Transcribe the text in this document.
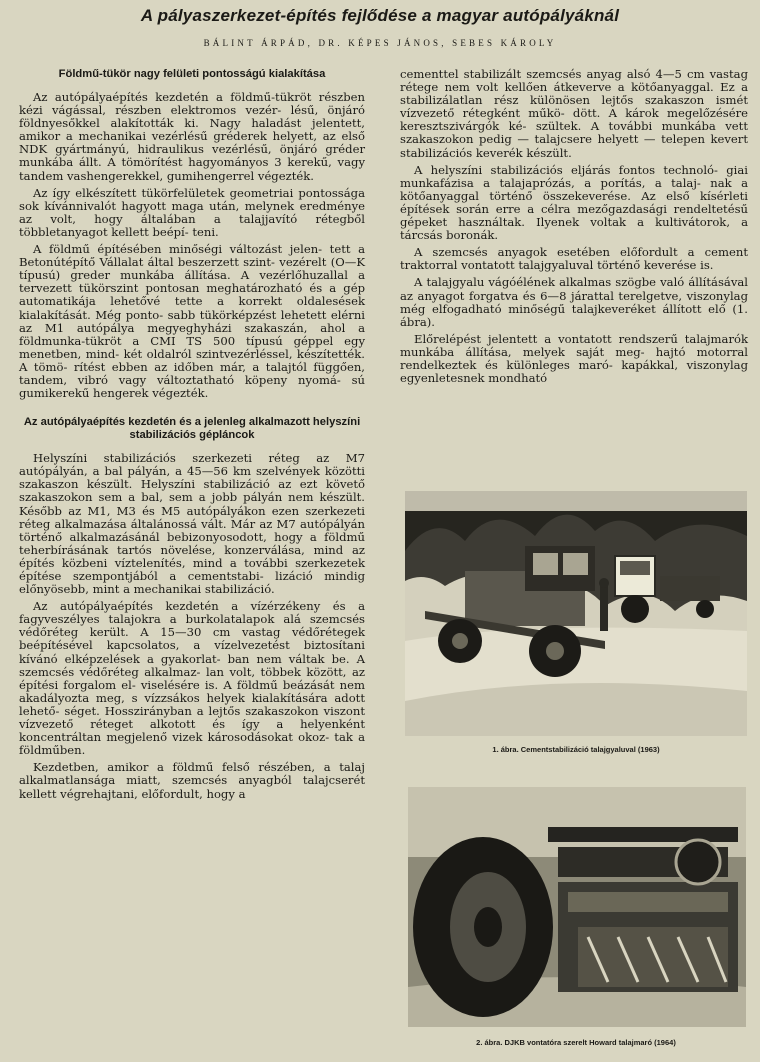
A pályaszerkezet-építés fejlődése a magyar autópályáknál
BÁLINT ÁRPÁD, DR. KÉPES JÁNOS, SEBES KÁROLY
Földmű-tükör nagy felületi pontosságú kialakítása

Az autópályaépítés kezdetén a földmű-tükröt részben kézi vágással, részben elektromos vezér- lésű, önjáró földnyesőkkel alakították ki. Nagy haladást jelentett, amikor a mechanikai vezérlésű gréderek helyett, az első NDK gyártmányú, hidraulikus vezérlésű, önjáró gréder munkába állt. A tömörítést hagyományos 3 kerekű, vagy tandem vashengerekkel, gumihengerrel végezték.

Az így elkészített tükörfelületek geometriai pontossága sok kívánnivalót hagyott maga után, melynek eredménye az volt, hogy általában a talajjavító rétegből többletanyagot kellett beépí- teni.

A földmű építésében minőségi változást jelen- tett a Betonútépítő Vállalat által beszerzett szint- vezérelt (O—K típusú) greder munkába állítása. A vezérlőhuzallal a tervezett tükörszint pontosan meghatározható és a gép automatikája lehetővé tette a korrekt oldalesések kialakítását. Még ponto- sabb tükörképzést lehetett elérni az M1 autópálya megyeghyházi szakaszán, ahol a földmunka-tükröt a CMI TS 500 típusú géppel egy menetben, mind- két oldalról szintvezérléssel, készítették. A tömö- rítést ebben az időben már, a talajtól függően, tandem, vibró vagy változtatható köpeny nyomá- sú gumikerekű hengerek végezték.

Az autópályaépítés kezdetén és a jelenleg alkalmazott helyszíni stabilizációs gépláncok

Helyszíni stabilizációs szerkezeti réteg az M7 autópályán, a bal pályán, a 45—56 km szelvények közötti szakaszon készült. Helyszíni stabilizáció az ezt követő szakaszokon sem a bal, sem a jobb pályán nem készült. Később az M1, M3 és M5 autópályákon ezen szerkezeti réteg alkalmazása általánossá vált. Már az M7 autópályán történő alkalmazásánál bebizonyosodott, hogy a földmű teherbírásának tartós növelése, konzerválása, mind az építés közbeni víztelenítés, mind a további szerkezetek építése szempontjából a cementstabi- lizáció mindig előnyösebb, mint a mechanikai stabilizáció.

Az autópályaépítés kezdetén a vízérzékeny és a fagyveszélyes talajokra a burkolatalapok alá szemcsés védőréteg került. A 15—30 cm vastag védőrétegek beépítésével kapcsolatos, a vízelvezetést biztosítani kívánó elképzelések a gyakorlat- ban nem váltak be. A szemcsés védőréteg alkalmaz- lan volt, többek között, az építési forgalom el- viselésére is. A földmű beázását nem akadályozta meg, s vízzsákos helyek kialakítására adott lehető- séget. Hosszirányban a lejtős szakaszokon viszont vízvezető réteget alkotott és így a helyenként koncentráltan megjelenő vizek károsodásokat okoz- tak a földműben.

Kezdetben, amikor a földmű felső részében, a talaj alkalmatlansága miatt, szemcsés anyagból talajcserét kellett végrehajtani, előfordult, hogy a

cementtel stabilizált szemcsés anyag alsó 4—5 cm vastag rétege nem volt kellően átkeverve a kötőanyaggal. Ez a stabilizálatlan rész különösen lejtős szakaszon ismét vízvezető rétegként műkö- dött. A károk megelőzésére keresztszivárgók ké- szültek. A további munkába vett szakaszokon pedig — talajcsere helyett — telepen kevert stabilizációs keverék készült.

A helyszíni stabilizációs eljárás fontos technoló- giai munkafázisa a talajaprózás, a porítás, a talaj- nak a kötőanyaggal történő összekeverése. Az első kísérleti építések során erre a célra mezőgazdasági rendeltetésű gépeket használtak. Ilyenek voltak a kultivátorok, a tárcsás boronák.

A szemcsés anyagok esetében előfordult a cement traktorral vontatott talajgyaluval történő keverése is.

A talajgyalu vágóélének alkalmas szögbe való állításával az anyagot forgatva és 6—8 járattal terelgetve, viszonylag még elfogadható minőségű talajkeveréket állított elő (1. ábra).

Előrelépést jelentett a vontatott rendszerű talajmarók munkába állítása, melyek saját meg- hajtó motorral rendelkeztek és különleges maró- kapákkal, viszonylag egyenletesnek mondható

1. ábra. Cementstabilizáció talajgyaluval (1963)
2. ábra. DJKB vontatóra szerelt Howard talajmaró (1964)
